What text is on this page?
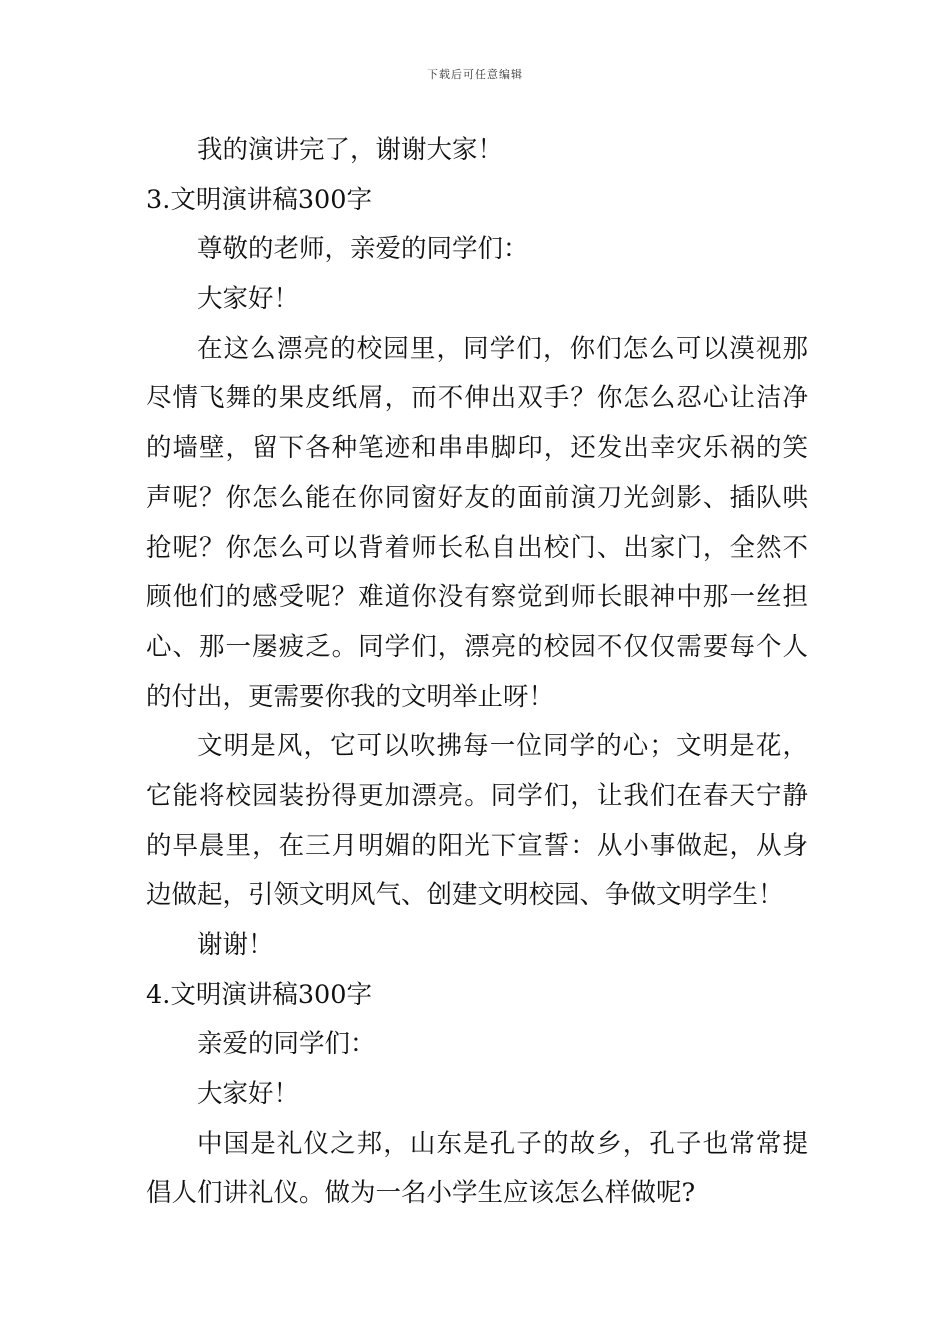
下载后可任意编辑
我的演讲完了，谢谢大家！
3.文明演讲稿300字
尊敬的老师，亲爱的同学们：
大家好！
在这么漂亮的校园里，同学们，你们怎么可以漠视那
尽情飞舞的果皮纸屑，而不伸出双手？你怎么忍心让洁净
的墙壁，留下各种笔迹和串串脚印，还发出幸灾乐祸的笑
声呢？你怎么能在你同窗好友的面前演刀光剑影、插队哄
抢呢？你怎么可以背着师长私自出校门、出家门，全然不
顾他们的感受呢？难道你没有察觉到师长眼神中那一丝担
心、那一屡疲乏。同学们，漂亮的校园不仅仅需要每个人
的付出，更需要你我的文明举止呀！
文明是风，它可以吹拂每一位同学的心；文明是花，
它能将校园装扮得更加漂亮。同学们，让我们在春天宁静
的早晨里，在三月明媚的阳光下宣誓：从小事做起，从身
边做起，引领文明风气、创建文明校园、争做文明学生！
谢谢！
4.文明演讲稿300字
亲爱的同学们：
大家好！
中国是礼仪之邦，山东是孔子的故乡，孔子也常常提
倡人们讲礼仪。做为一名小学生应该怎么样做呢?
